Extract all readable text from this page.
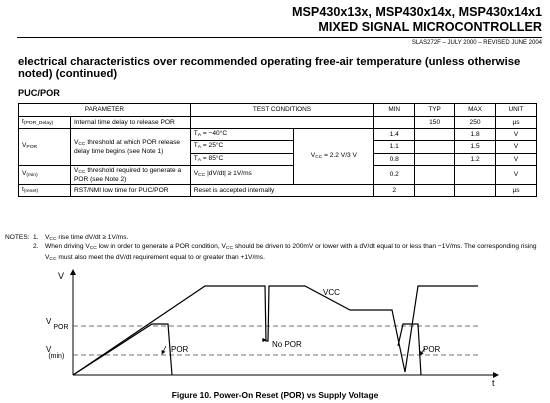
MSP430x13x, MSP430x14x, MSP430x14x1
MIXED SIGNAL MICROCONTROLLER
SLAS272F – JULY 2000 – REVISED JUNE 2004
electrical characteristics over recommended operating free-air temperature (unless otherwise noted) (continued)
PUC/POR
PARAMETER		TEST CONDITIONS		MIN	TYP	MAX	UNIT
$t_{(POR\_Delay)}$	Internal time delay to release POR				150	250	µs
$V_{POR}$	$V_{CC}$ threshold at which POR release delay time begins (see Note 1)	$T_A = -40^\circ C$	$V_{CC} = 2.2$ V/3 V	1.4		1.8	V
		$T_A = 25^\circ C$		1.1		1.5	V
		$T_A = 85^\circ C$		0.8		1.2	V
$V_{(min)}$	$V_{CC}$ threshold required to generate a POR (see Note 2)	$V_{CC}$ |dV/dt| ≥ 1V/ms		0.2			V
$t_{(reset)}$	RST/NMI low time for PUC/POR	Reset is accepted internally		2			µs
NOTES: 1. $V_{CC}$ rise time dV/dt ≥ 1V/ms.
2. When driving $V_{CC}$ low in order to generate a POR condition, $V_{CC}$ should be driven to 200mV or lower with a dV/dt equal to or less than −1V/ms. The corresponding rising $V_{CC}$ must also meet the dV/dt requirement equal to or greater than +1V/ms.
V
VPOR
V (min)
t
VCC
POR
No POR
POR
Figure 10. Power-On Reset (POR) vs Supply Voltage
